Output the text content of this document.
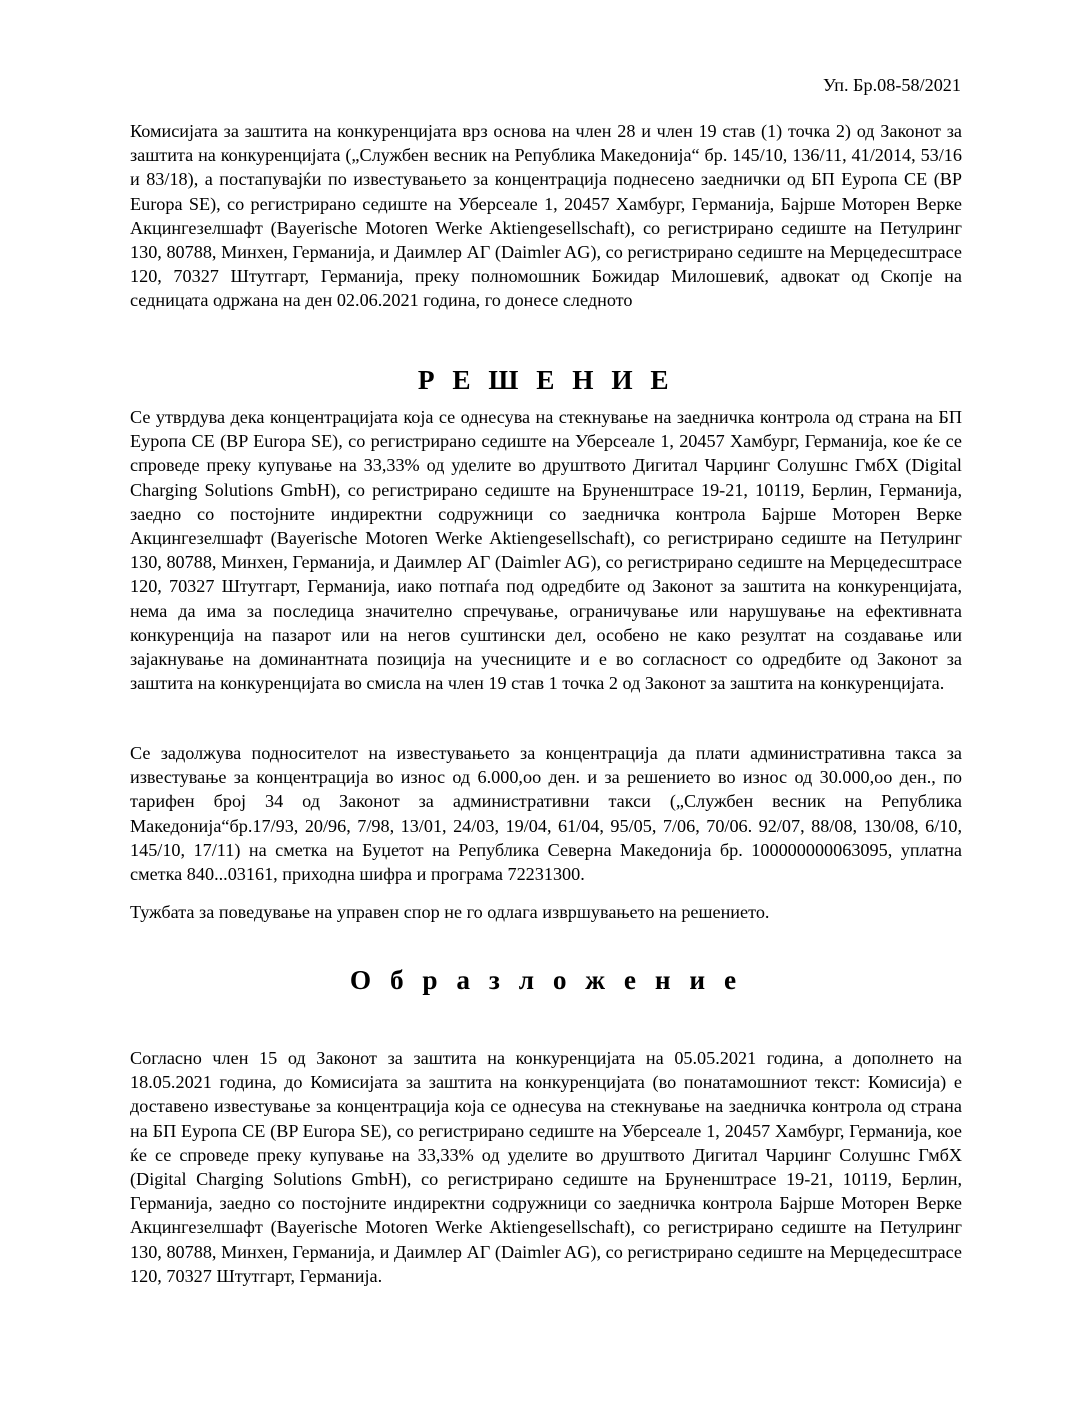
Уп. Бр.08-58/2021

Комисијата за заштита на конкуренцијата врз основа на член 28 и член 19 став (1) точка 2) од Законот за заштита на конкуренцијата („Службен весник на Република Македонија“ бр. 145/10, 136/11, 41/2014, 53/16 и 83/18), а постапувајќи по известувањето за концентрација поднесено заеднички од БП Еуропа СЕ (BP Europa SE), со регистрирано седиште на Уберсеале 1, 20457 Хамбург, Германија, Бајрше Моторен Верке Акцингезелшафт (Bayerische Motoren Werke Aktiengesellschaft), со регистрирано седиште на Петулринг 130, 80788, Минхен, Германија, и Даимлер АГ (Daimler AG), со регистрирано седиште на Мерцедесштрасе 120, 70327 Штутгарт, Германија, преку полномошник Божидар Милошевиќ, адвокат од Скопје на седницата одржана на ден 02.06.2021 година, го донесе следното

Р Е Ш Е Н И Е

Се утврдува дека концентрацијата која се однесува на стекнување на заедничка контрола од страна на БП Еуропа СЕ (BP Europa SE), со регистрирано седиште на Уберсеале 1, 20457 Хамбург, Германија, кое ќе се спроведе преку купување на 33,33% од уделите во друштвото Дигитал Чарџинг Солушнс ГмбХ (Digital Charging Solutions GmbH), со регистрирано седиште на Бруненштрасе 19-21, 10119, Берлин, Германија, заедно со постојните индиректни содружници со заедничка контрола Бајрше Моторен Верке Акцингезелшафт (Bayerische Motoren Werke Aktiengesellschaft), со регистрирано седиште на Петулринг 130, 80788, Минхен, Германија, и Даимлер АГ (Daimler AG), со регистрирано седиште на Мерцедесштрасе 120, 70327 Штутгарт, Германија, иако потпаѓа под одредбите од Законот за заштита на конкуренцијата, нема да има за последица значително спречување, ограничување или нарушување на ефективната конкуренција на пазарот или на негов суштински дел, особено не како резултат на создавање или зајакнување на доминантната позиција на учесниците и е во согласност со одредбите од Законот за заштита на конкуренцијата во смисла на член 19 став 1 точка 2 од Законот за заштита на конкуренцијата.

Се задолжува подносителот на известувањето за концентрација да плати административна такса за известување за концентрација во износ од 6.000,оо ден. и за решението во износ од 30.000,оо ден., по тарифен број 34 од Законот за административни такси („Службен весник на Република Македонија“бр.17/93, 20/96, 7/98, 13/01, 24/03, 19/04, 61/04, 95/05, 7/06, 70/06. 92/07, 88/08, 130/08, 6/10, 145/10, 17/11) на сметка на Буџетот на Република Северна Македонија бр. 100000000063095, уплатна сметка 840...03161, приходна шифра и програма 72231300.

Тужбата за поведување на управен спор не го одлага извршувањето на решението.

О б р а з л о ж е н и е

Согласно член 15 од Законот за заштита на конкуренцијата на 05.05.2021 година, а дополнето на 18.05.2021 година, до Комисијата за заштита на конкуренцијата (во понатамошниот текст: Комисија) е доставено известување за концентрација која се однесува на стекнување на заедничка контрола од страна на БП Еуропа СЕ (BP Europa SE), со регистрирано седиште на Уберсеале 1, 20457 Хамбург, Германија, кое ќе се спроведе преку купување на 33,33% од уделите во друштвото Дигитал Чарџинг Солушнс ГмбХ (Digital Charging Solutions GmbH), со регистрирано седиште на Бруненштрасе 19-21, 10119, Берлин, Германија, заедно со постојните индиректни содружници со заедничка контрола Бајрше Моторен Верке Акцингезелшафт (Bayerische Motoren Werke Aktiengesellschaft), со регистрирано седиште на Петулринг 130, 80788, Минхен, Германија, и Даимлер АГ (Daimler AG), со регистрирано седиште на Мерцедесштрасе 120, 70327 Штутгарт, Германија.
